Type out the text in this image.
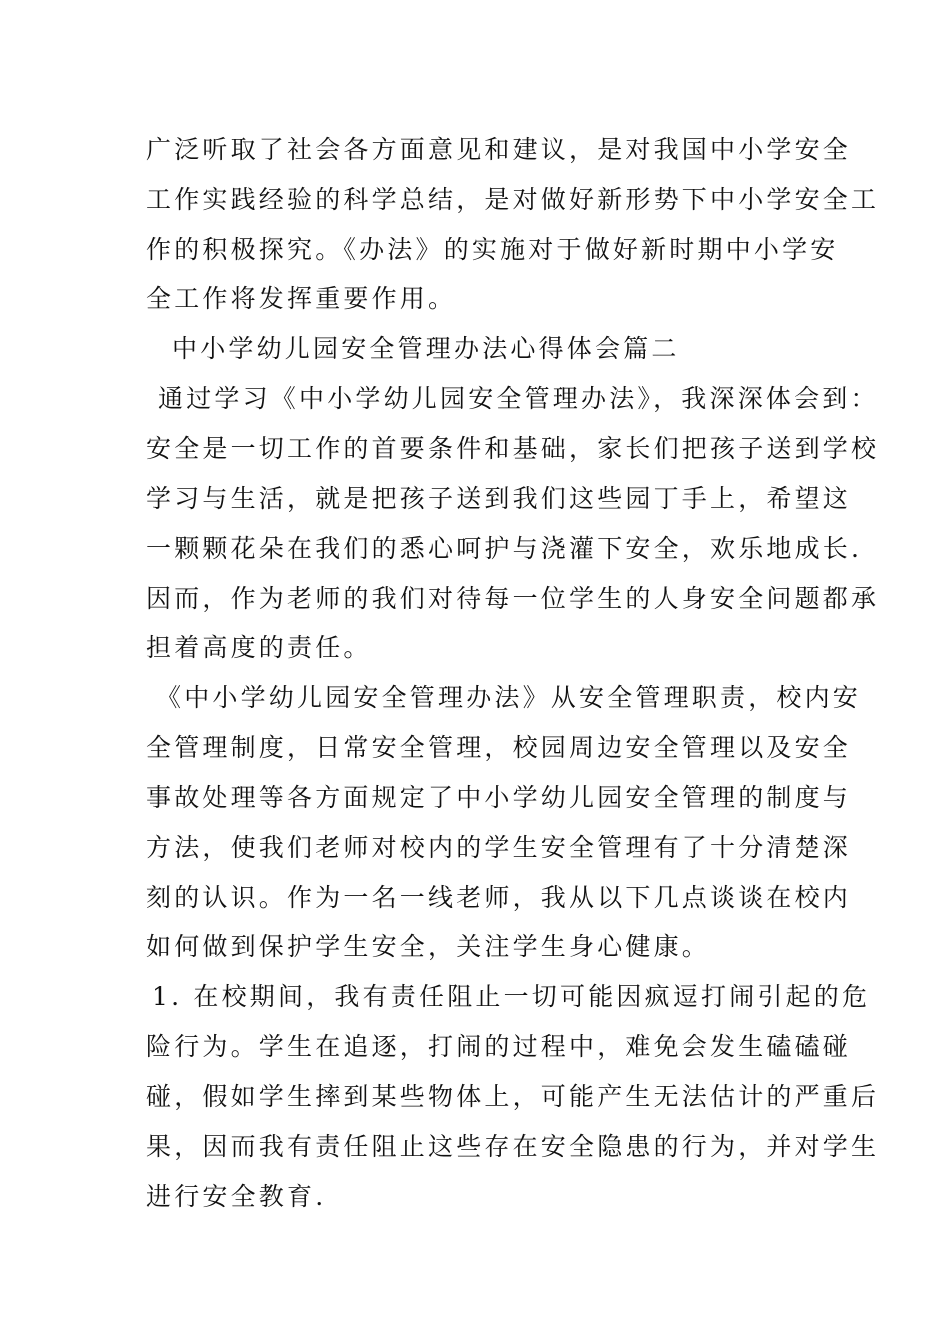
广泛听取了社会各方面意见和建议，是对我国中小学安全
工作实践经验的科学总结，是对做好新形势下中小学安全工
作的积极探究。《办法》的实施对于做好新时期中小学安
全工作将发挥重要作用。
中小学幼儿园安全管理办法心得体会篇二
通过学习《中小学幼儿园安全管理办法》，我深深体会到：
安全是一切工作的首要条件和基础，家长们把孩子送到学校
学习与生活，就是把孩子送到我们这些园丁手上，希望这
一颗颗花朵在我们的悉心呵护与浇灌下安全，欢乐地成长.
因而，作为老师的我们对待每一位学生的人身安全问题都承
担着高度的责任。
《中小学幼儿园安全管理办法》从安全管理职责，校内安
全管理制度，日常安全管理，校园周边安全管理以及安全
事故处理等各方面规定了中小学幼儿园安全管理的制度与
方法，使我们老师对校内的学生安全管理有了十分清楚深
刻的认识。作为一名一线老师，我从以下几点谈谈在校内
如何做到保护学生安全，关注学生身心健康。
1. 在校期间，我有责任阻止一切可能因疯逗打闹引起的危
险行为。学生在追逐，打闹的过程中，难免会发生磕磕碰
碰，假如学生摔到某些物体上，可能产生无法估计的严重后
果，因而我有责任阻止这些存在安全隐患的行为，并对学生
进行安全教育.
